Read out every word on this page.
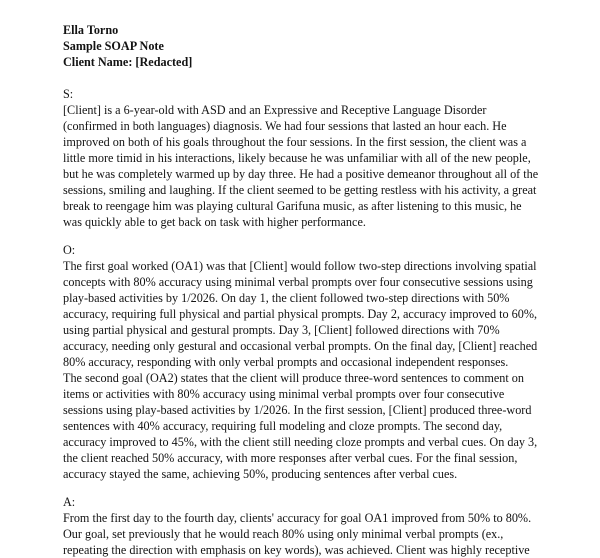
Ella Torno
Sample SOAP Note
Client Name: [Redacted]
S:
[Client] is a 6-year-old with ASD and an Expressive and Receptive Language Disorder
(confirmed in both languages) diagnosis. We had four sessions that lasted an hour each. He
improved on both of his goals throughout the four sessions. In the first session, the client was a
little more timid in his interactions, likely because he was unfamiliar with all of the new people,
but he was completely warmed up by day three. He had a positive demeanor throughout all of the
sessions, smiling and laughing. If the client seemed to be getting restless with his activity, a great
break to reengage him was playing cultural Garifuna music, as after listening to this music, he
was quickly able to get back on task with higher performance.
O:
The first goal worked (OA1) was that [Client] would follow two-step directions involving spatial
concepts with 80% accuracy using minimal verbal prompts over four consecutive sessions using
play-based activities by 1/2026. On day 1, the client followed two-step directions with 50%
accuracy, requiring full physical and partial physical prompts. Day 2, accuracy improved to 60%,
using partial physical and gestural prompts. Day 3, [Client] followed directions with 70%
accuracy, needing only gestural and occasional verbal prompts. On the final day, [Client] reached
80% accuracy, responding with only verbal prompts and occasional independent responses.
The second goal (OA2) states that the client will produce three-word sentences to comment on
items or activities with 80% accuracy using minimal verbal prompts over four consecutive
sessions using play-based activities by 1/2026. In the first session, [Client] produced three-word
sentences with 40% accuracy, requiring full modeling and cloze prompts. The second day,
accuracy improved to 45%, with the client still needing cloze prompts and verbal cues. On day 3,
the client reached 50% accuracy, with more responses after verbal cues. For the final session,
accuracy stayed the same, achieving 50%, producing sentences after verbal cues.
A:
From the first day to the fourth day, clients' accuracy for goal OA1 improved from 50% to 80%.
Our goal, set previously that he would reach 80% using only minimal verbal prompts (ex.,
repeating the direction with emphasis on key words), was achieved. Client was highly receptive
